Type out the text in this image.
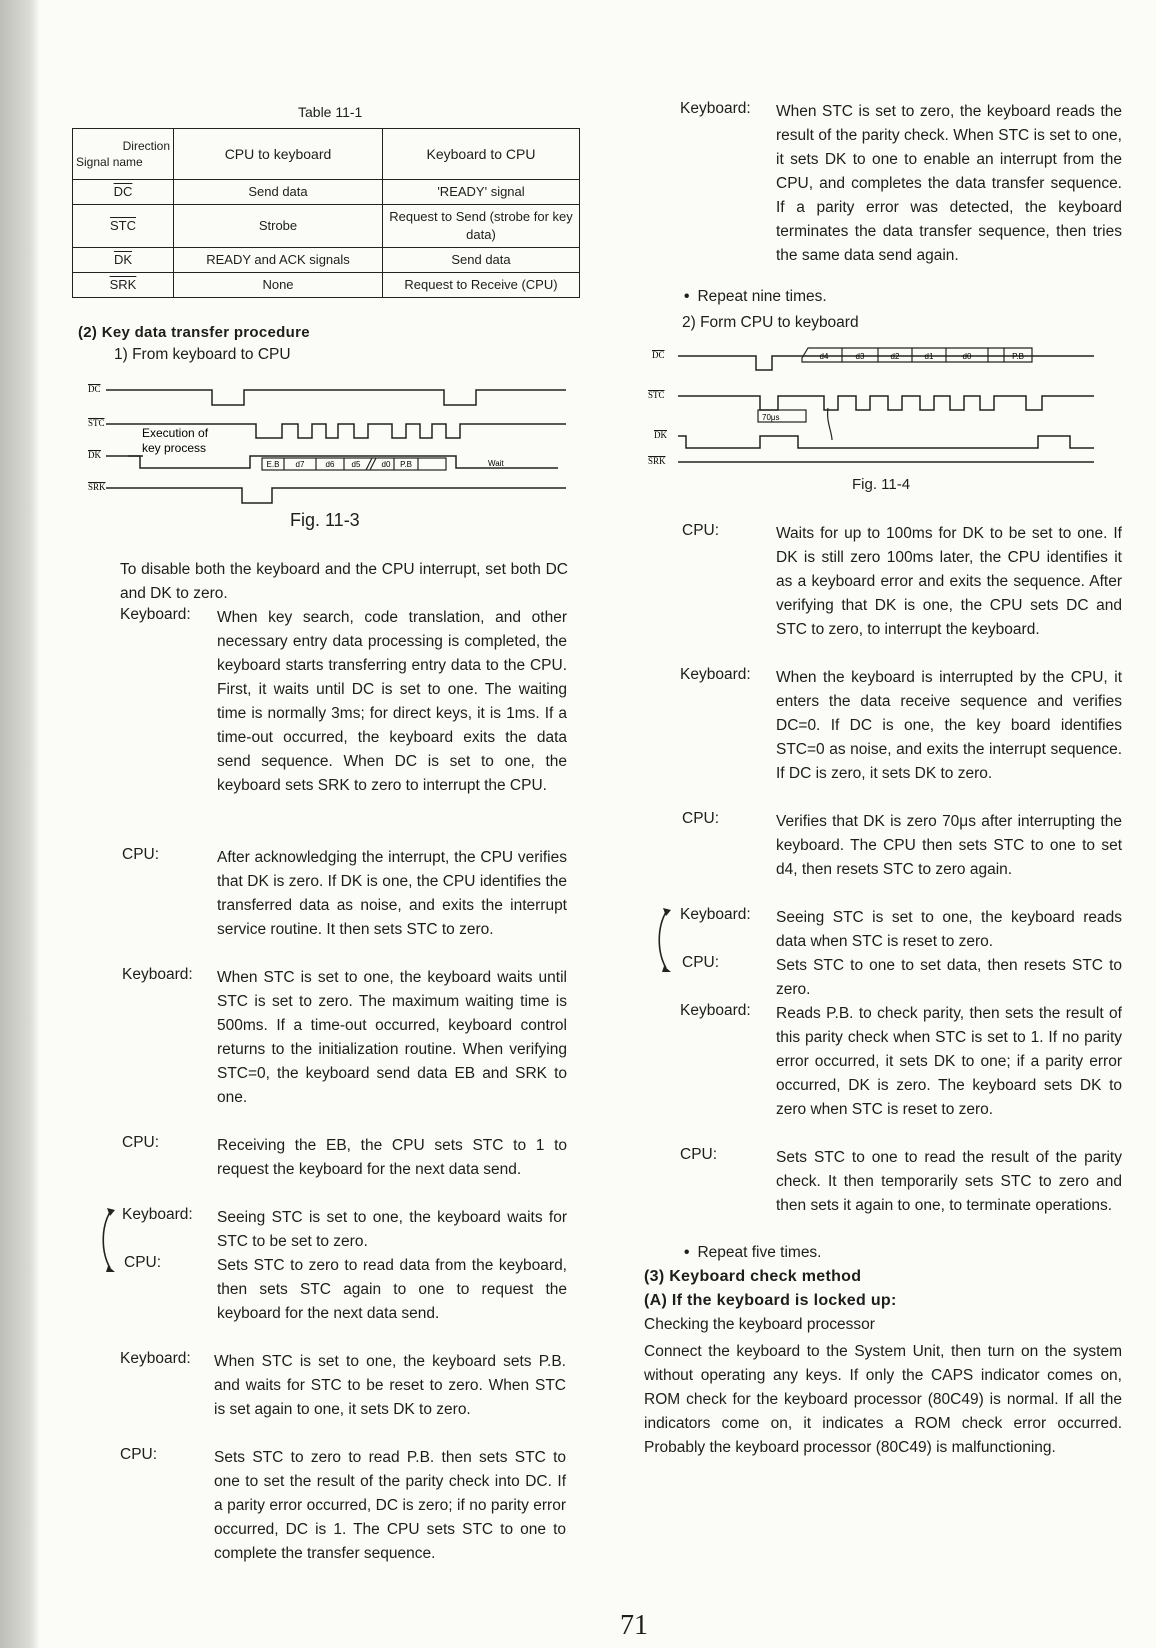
Table 11-1
Direction
Signal name	CPU to keyboard	Keyboard to CPU
$\overline{DC}$	Send data	'READY' signal
$\overline{STC}$	Strobe	Request to Send (strobe for key data)
$\overline{DK}$	READY and ACK signals	Send data
$\overline{SRK}$	None	Request to Receive (CPU)
(2) Key data transfer procedure
1) From keyboard to CPU
DC
STC
DK
SRK
Execution of
key process
E.B d7	d6 d5	d0 P.B	Wait
Fig. 11-3
To disable both the keyboard and the CPU interrupt, set both DC and DK to zero.
Keyboard: When key search, code translation, and other necessary entry data processing is completed, the keyboard starts transferring entry data to the CPU. First, it waits until DC is set to one. The waiting time is normally 3ms; for direct keys, it is 1ms. If a time-out occurred, the keyboard exits the data send sequence. When DC is set to one, the keyboard sets SRK to zero to interrupt the CPU.
CPU:	After acknowledging the interrupt, the CPU verifies that DK is zero. If DK is one, the CPU identifies the transferred data as noise, and exits the interrupt service routine. It then sets STC to zero.
Keyboard: When STC is set to one, the keyboard waits until STC is set to zero. The maximum waiting time is 500ms. If a time-out occurred, keyboard control returns to the initialization routine. When verifying STC=0, the keyboard send data EB and SRK to one.
CPU:	Receiving the EB, the CPU sets STC to 1 to request the keyboard for the next data send.
Keyboard: Seeing STC is set to one, the keyboard waits for STC to be set to zero.
CPU:	Sets STC to zero to read data from the keyboard, then sets STC again to one to request the keyboard for the next data send.
Keyboard: When STC is set to one, the keyboard sets P.B. and waits for STC to be reset to zero. When STC is set again to one, it sets DK to zero.
CPU:	Sets STC to zero to read P.B. then sets STC to one to set the result of the parity check into DC. If a parity error occurred, DC is zero; if no parity error occurred, DC is 1. The CPU sets STC to one to complete the transfer sequence.
Keyboard: When STC is set to zero, the keyboard reads the result of the parity check. When STC is set to one, it sets DK to one to enable an interrupt from the CPU, and completes the data transfer sequence. If a parity error was detected, the keyboard terminates the data transfer sequence, then tries the same data send again.
• Repeat nine times.
2) Form CPU to keyboard
DC
STC
DK
SRK
d4	d3	d2	d1	d0	P.B
70μs
Fig. 11-4
CPU:	Waits for up to 100ms for DK to be set to one. If DK is still zero 100ms later, the CPU identifies it as a keyboard error and exits the sequence. After verifying that DK is one, the CPU sets DC and STC to zero, to interrupt the keyboard.
Keyboard: When the keyboard is interrupted by the CPU, it enters the data receive sequence and verifies DC=0. If DC is one, the key board identifies STC=0 as noise, and exits the interrupt sequence. If DC is zero, it sets DK to zero.
CPU:	Verifies that DK is zero 70μs after interrupting the keyboard. The CPU then sets STC to one to set d4, then resets STC to zero again.
Keyboard: Seeing STC is set to one, the keyboard reads data when STC is reset to zero.
CPU:	Sets STC to one to set data, then resets STC to zero.
Keyboard: Reads P.B. to check parity, then sets the result of this parity check when STC is set to 1. If no parity error occurred, it sets DK to one; if a parity error occurred, DK is zero. The keyboard sets DK to zero when STC is reset to zero.
CPU:	Sets STC to one to read the result of the parity check. It then temporarily sets STC to zero and then sets it again to one, to terminate operations.
• Repeat five times.
(3) Keyboard check method
(A) If the keyboard is locked up:
Checking the keyboard processor
Connect the keyboard to the System Unit, then turn on the system without operating any keys. If only the CAPS indicator comes on, ROM check for the keyboard processor (80C49) is normal. If all the indicators come on, it indicates a ROM check error occurred. Probably the keyboard processor (80C49) is malfunctioning.
71
